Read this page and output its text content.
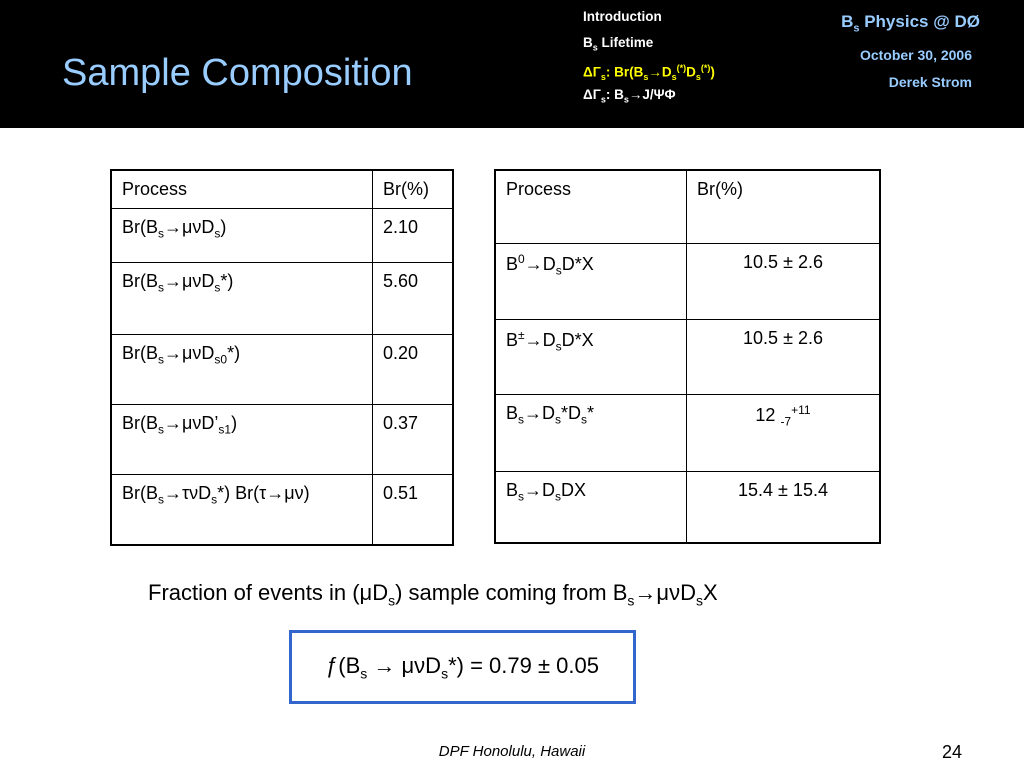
Sample Composition
Introduction
$B_s$ Lifetime
$\Delta\Gamma_s$: $Br(B_s\to D_s^{(*)}D_s^{(*)})$
$\Delta\Gamma_s$: $B_s\to J/\Psi\Phi$
$B_s$ Physics @ DØ
October 30, 2006
Derek Strom
Process	Br(%)
$Br(B_s\to\mu\nu D_s)$	2.10
$Br(B_s\to\mu\nu D_s*)$	5.60
$Br(B_s\to\mu\nu D_{s0}*)$	0.20
$Br(B_s\to\mu\nu D’_{s1})$	0.37
$Br(B_s\to\tau\nu D_s*)$ Br(τ→μν)	0.51
Process	Br(%)
$B^0\to D_sD*X$	10.5 ± 2.6
$B^\pm\to D_sD*X$	10.5 ± 2.6
$B_s\to D_s*D_s*$	12 $_{-7}^{+11}$
$B_s\to D_sDX$	15.4 ± 15.4
Fraction of events in $(\mu D_s)$ sample coming from $B_s\to\mu\nu D_sX$
$ƒ(B_s \to \mu\nu D_s*) = 0.79 \pm 0.05$
DPF Honolulu, Hawaii	24
